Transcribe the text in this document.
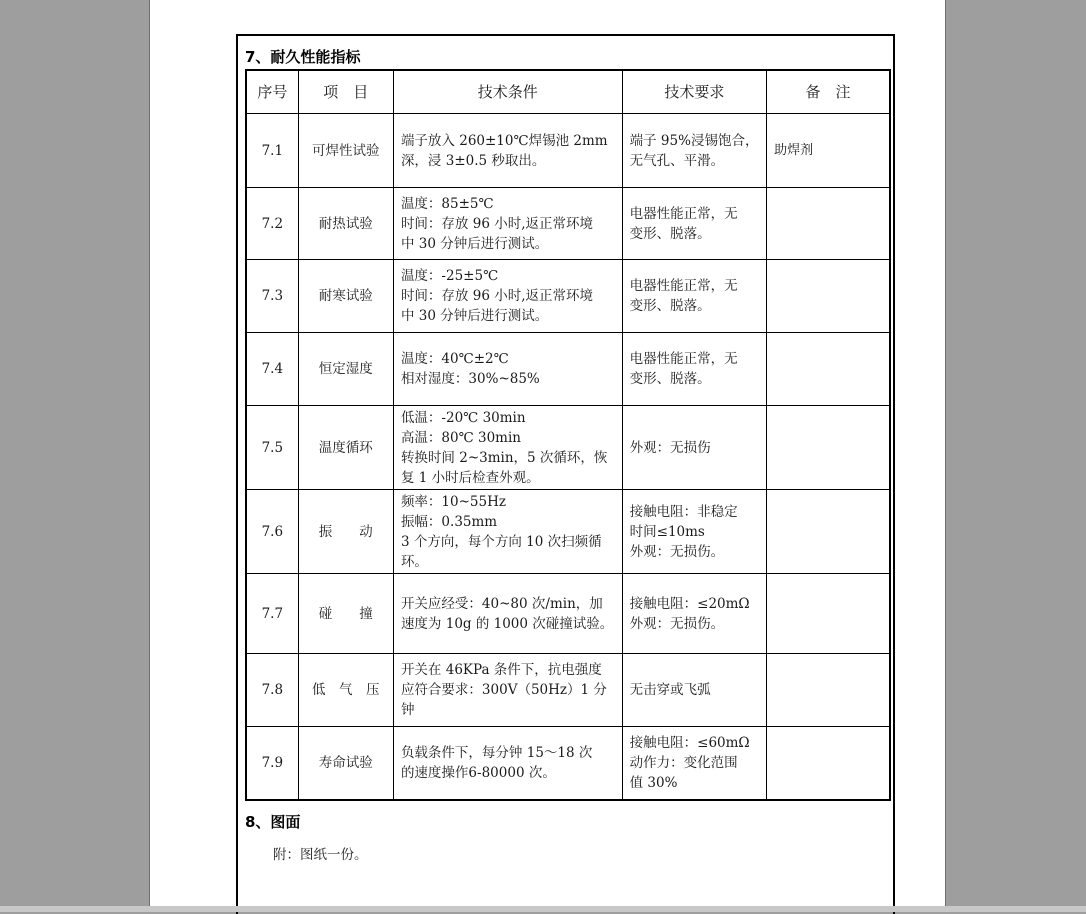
7、耐久性能指标
序号	项　目	技术条件	技术要求	备　注
7.1	可焊性试验	端子放入 260±10℃焊锡池 2mm
深，浸 3±0.5 秒取出。	端子 95%浸锡饱合，
无气孔、平滑。	助焊剂
7.2	耐热试验	温度：85±5℃
时间：存放 96 小时,返正常环境
中 30 分钟后进行测试。	电器性能正常，无
变形、脱落。	

7.3	耐寒试验	温度：-25±5℃
时间：存放 96 小时,返正常环境
中 30 分钟后进行测试。	电器性能正常，无
变形、脱落。	

7.4	恒定湿度	温度：40℃±2℃
相对湿度：30%~85%	电器性能正常，无
变形、脱落。	

7.5	温度循环	低温：-20℃ 30min
高温：80℃ 30min
转换时间 2~3min，5 次循环，恢
复 1 小时后检查外观。	外观：无损伤	

7.6	振　　动	频率：10~55Hz
振幅：0.35mm
3 个方向，每个方向 10 次扫频循
环。	接触电阻：非稳定
时间≤10ms
外观：无损伤。	

7.7	碰　　撞	开关应经受：40~80 次/min，加
速度为 10g 的 1000 次碰撞试验。	接触电阻：≤20mΩ
外观：无损伤。	

7.8	低　气　压	开关在 46KPa 条件下，抗电强度
应符合要求：300V（50Hz）1 分
钟	无击穿或飞弧	

7.9	寿命试验	负载条件下，每分钟 15～18 次
的速度操作6-80000 次。	接触电阻：≤60mΩ
动作力：变化范围
值 30%	

8、图面
附：图纸一份。
